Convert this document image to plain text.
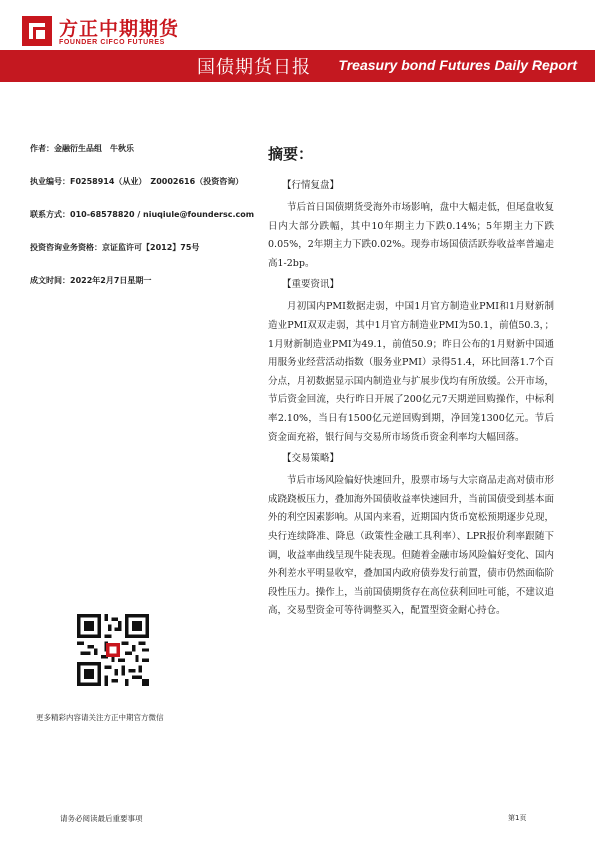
方正中期期货
FOUNDER CIFCO FUTURES
国债期货日报 Treasury bond Futures Daily Report
作者：金融衍生品组　牛秋乐
执业编号：F0258914（从业）　Z0002616（投资咨询）
联系方式：010-68578820 / niuqiule@foundersc.com
投资咨询业务资格：京证监许可【2012】75号
成文时间：2022年2月7日星期一
更多精彩内容请关注方正中期官方微信
摘要：
【行情复盘】

节后首日国债期货受海外市场影响，盘中大幅走低，但尾盘收复日内大部分跌幅，其中10年期主力下跌0.14%；5年期主力下跌0.05%，2年期主力下跌0.02%。现券市场国债活跃券收益率普遍走高1-2bp。

【重要资讯】

月初国内PMI数据走弱，中国1月官方制造业PMI和1月财新制造业PMI双双走弱，其中1月官方制造业PMI为50.1，前值50.3，；1月财新制造业PMI为49.1，前值50.9；昨日公布的1月财新中国通用服务业经营活动指数（服务业PMI）录得51.4，环比回落1.7个百分点，月初数据显示国内制造业与扩展步伐均有所放缓。公开市场，节后资金回流，央行昨日开展了200亿元7天期逆回购操作，中标利率2.10%，当日有1500亿元逆回购到期，净回笼1300亿元。节后资金面充裕，银行间与交易所市场货币资金利率均大幅回落。

【交易策略】

节后市场风险偏好快速回升，股票市场与大宗商品走高对债市形成跷跷板压力，叠加海外国债收益率快速回升，当前国债受到基本面外的利空因素影响。从国内来看，近期国内货币宽松预期逐步兑现，央行连续降准、降息（政策性金融工具利率）、LPR报价利率跟随下调，收益率曲线呈现牛陡表现。但随着金融市场风险偏好变化、国内外利差水平明显收窄，叠加国内政府债券发行前置，债市仍然面临阶段性压力。操作上，当前国债期货存在高位获利回吐可能，不建议追高，交易型资金可等待调整买入，配置型资金耐心持仓。

请务必阅读最后重要事项	第1页
